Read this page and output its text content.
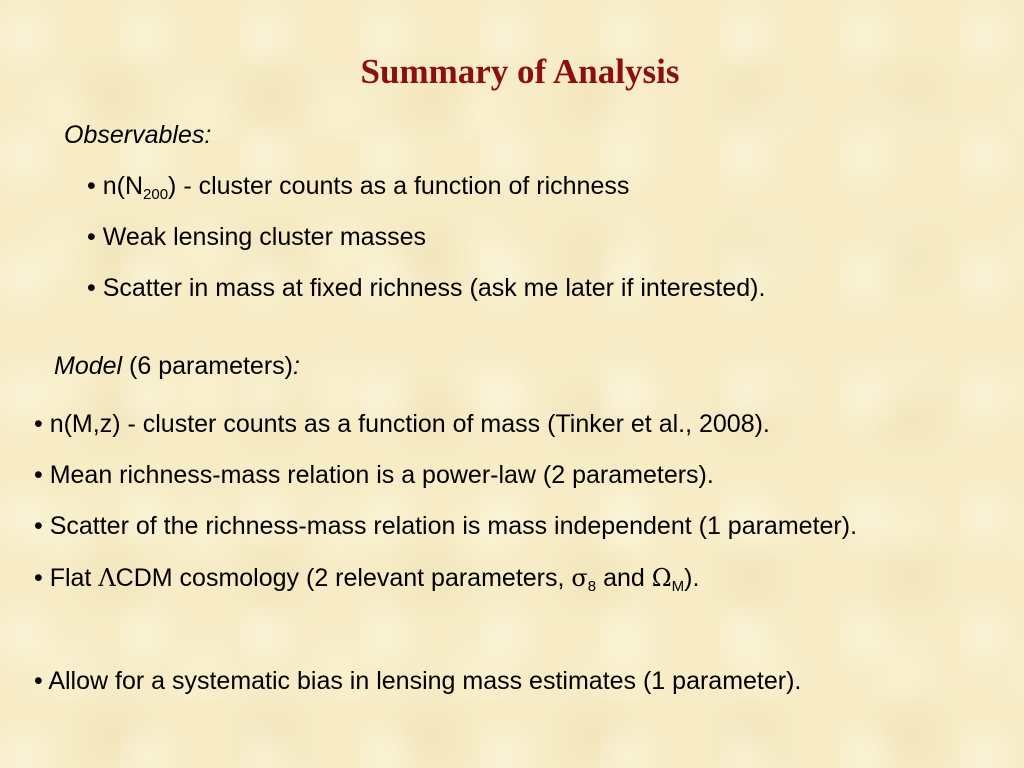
Summary of Analysis
Observables:
• $n(N_{200})$ - cluster counts as a function of richness
• Weak lensing cluster masses
• Scatter in mass at fixed richness (ask me later if interested).
Model (6 parameters):
• n(M,z) - cluster counts as a function of mass (Tinker et al., 2008).
• Mean richness-mass relation is a power-law (2 parameters).
• Scatter of the richness-mass relation is mass independent (1 parameter).
• Flat ΛCDM cosmology (2 relevant parameters, $\sigma_8$ and $\Omega_M$).
• Allow for a systematic bias in lensing mass estimates (1 parameter).
